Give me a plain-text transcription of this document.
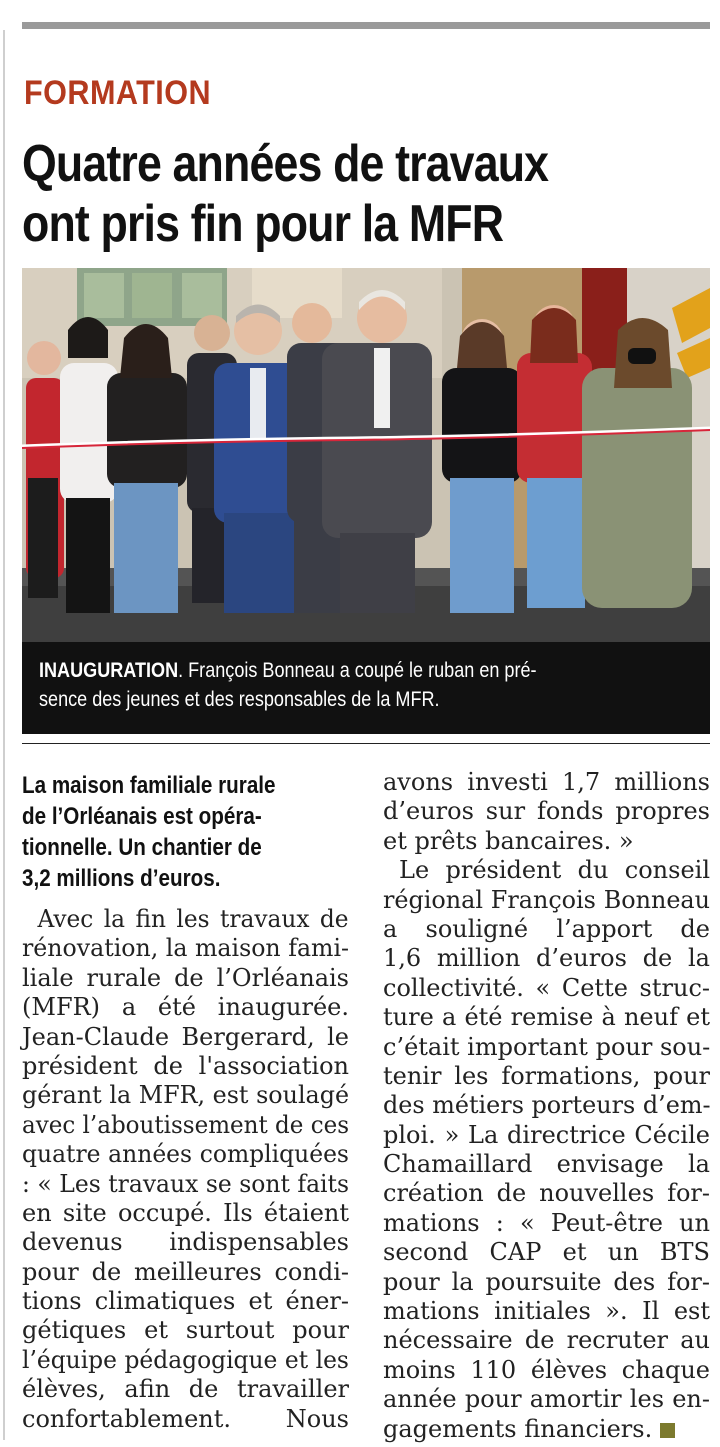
FORMATION
Quatre années de travaux
ont pris fin pour la MFR
INAUGURATION. François Bonneau a coupé le ruban en pré-
sence des jeunes et des responsables de la MFR.
La maison familiale rurale
de l’Orléanais est opéra-
tionnelle. Un chantier de
3,2 millions d’euros.
Avec la fin les travaux de
rénovation, la maison fami-
liale rurale de l’Orléanais
(MFR) a été inaugurée.
Jean-Claude Bergerard, le
président de l'association
gérant la MFR, est soulagé
avec l’aboutissement de ces
quatre années compliquées
: « Les travaux se sont faits
en site occupé. Ils étaient
devenus indispensables
pour de meilleures condi-
tions climatiques et éner-
gétiques et surtout pour
l’équipe pédagogique et les
élèves, afin de travailler
confortablement. Nous
avons investi 1,7 millions
d’euros sur fonds propres
et prêts bancaires. »
Le président du conseil
régional François Bonneau
a souligné l’apport de
1,6 million d’euros de la
collectivité. « Cette struc-
ture a été remise à neuf et
c’était important pour sou-
tenir les formations, pour
des métiers porteurs d’em-
ploi. » La directrice Cécile
Chamaillard envisage la
création de nouvelles for-
mations : « Peut-être un
second CAP et un BTS
pour la poursuite des for-
mations initiales ». Il est
nécessaire de recruter au
moins 110 élèves chaque
année pour amortir les en-
gagements financiers.
